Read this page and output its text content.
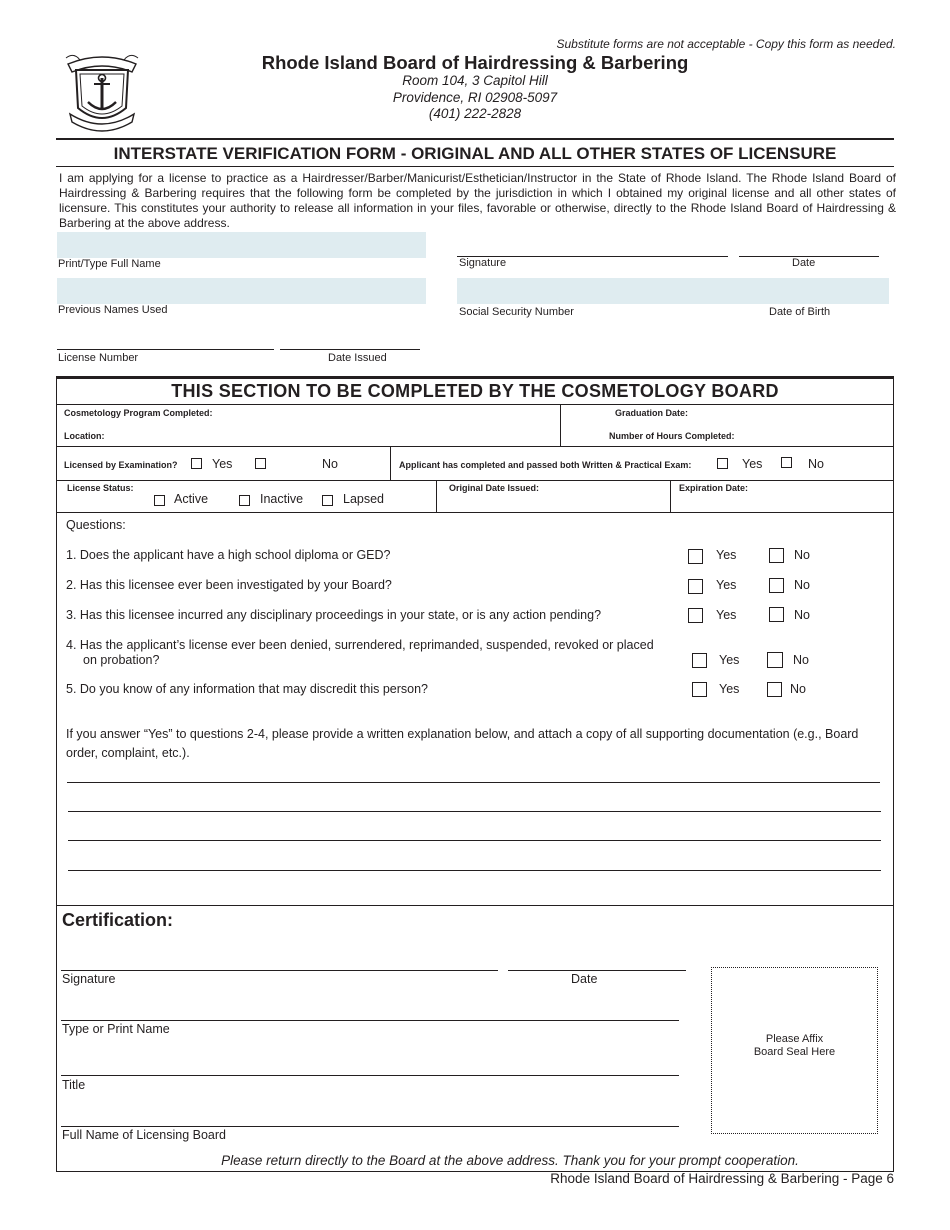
Substitute forms are not acceptable - Copy this form as needed.
Rhode Island Board of Hairdressing & Barbering
Room 104, 3 Capitol Hill
Providence, RI 02908-5097
(401) 222-2828
INTERSTATE VERIFICATION FORM - ORIGINAL AND ALL OTHER STATES OF LICENSURE
I am applying for a license to practice as a Hairdresser/Barber/Manicurist/Esthetician/Instructor in the State of Rhode Island. The Rhode Island Board of Hairdressing & Barbering requires that the following form be completed by the jurisdiction in which I obtained my original license and all other states of licensure. This constitutes your authority to release all information in your files, favorable or otherwise, directly to the Rhode Island Board of Hairdressing & Barbering at the above address.
Print/Type Full Name	Signature	Date
Previous Names Used	Social Security Number	Date of Birth
License Number	Date Issued
THIS SECTION TO BE COMPLETED BY THE COSMETOLOGY BOARD
Cosmetology Program Completed:
Location:
Graduation Date:
Number of Hours Completed:
Licensed by Examination?	Yes	No	Applicant has completed and passed both Written & Practical Exam:	Yes	No
License Status:
Active	Inactive	Lapsed
Original Date Issued:	Expiration Date:
Questions:
1. Does the applicant have a high school diploma or GED?	Yes	No
2. Has this licensee ever been investigated by your Board?	Yes	No
3. Has this licensee incurred any disciplinary proceedings in your state, or is any action pending?	Yes	No
4. Has the applicant’s license ever been denied, surrendered, reprimanded, suspended, revoked or placed
on probation?	Yes	No
5. Do you know of any information that may discredit this person?	Yes	No
If you answer “Yes” to questions 2-4, please provide a written explanation below, and attach a copy of all supporting documentation (e.g., Board order, complaint, etc.).
Certification:
Signature	Date
Type or Print Name
Title
Full Name of Licensing Board
Please Affix
Board Seal Here
Please return directly to the Board at the above address. Thank you for your prompt cooperation.
Rhode Island Board of Hairdressing & Barbering - Page 6
